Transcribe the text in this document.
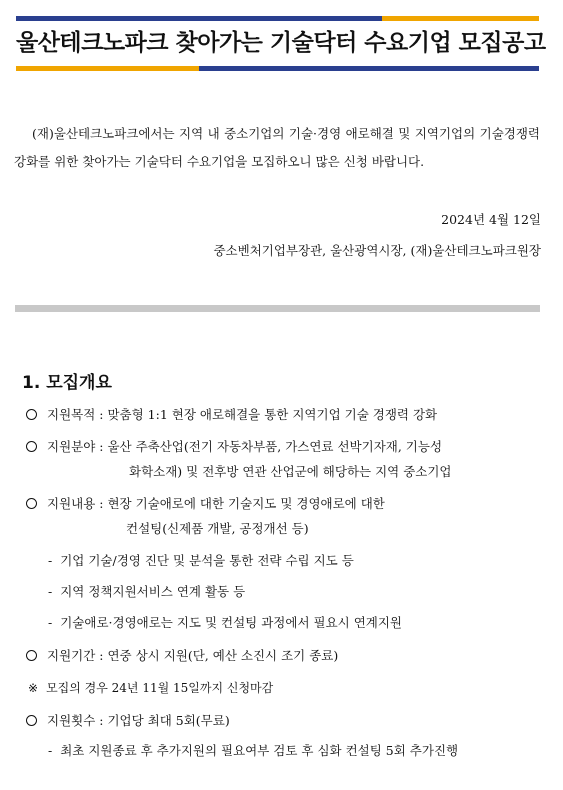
울산테크노파크 찾아가는 기술닥터 수요기업 모집공고
(재)울산테크노파크에서는 지역 내 중소기업의 기술·경영 애로해결 및 지역기업의 기술경쟁력 강화를 위한 찾아가는 기술닥터 수요기업을 모집하오니 많은 신청 바랍니다.
2024년 4월 12일
중소벤처기업부장관, 울산광역시장, (재)울산테크노파크원장
1. 모집개요
지원목적 : 맞춤형 1:1 현장 애로해결을 통한 지역기업 기술 경쟁력 강화
지원분야 : 울산 주축산업(전기 자동차부품, 가스연료 선박기자재, 기능성
화학소재) 및 전후방 연관 산업군에 해당하는 지역 중소기업
지원내용 : 현장 기술애로에 대한 기술지도 및 경영애로에 대한
컨설팅(신제품 개발, 공정개선 등)
- 기업 기술/경영 진단 및 분석을 통한 전략 수립 지도 등
- 지역 정책지원서비스 연계 활동 등
- 기술애로·경영애로는 지도 및 컨설팅 과정에서 필요시 연계지원
지원기간 : 연중 상시 지원(단, 예산 소진시 조기 종료)
※ 모집의 경우 24년 11월 15일까지 신청마감
지원횟수 : 기업당 최대 5회(무료)
- 최초 지원종료 후 추가지원의 필요여부 검토 후 심화 컨설팅 5회 추가진행
